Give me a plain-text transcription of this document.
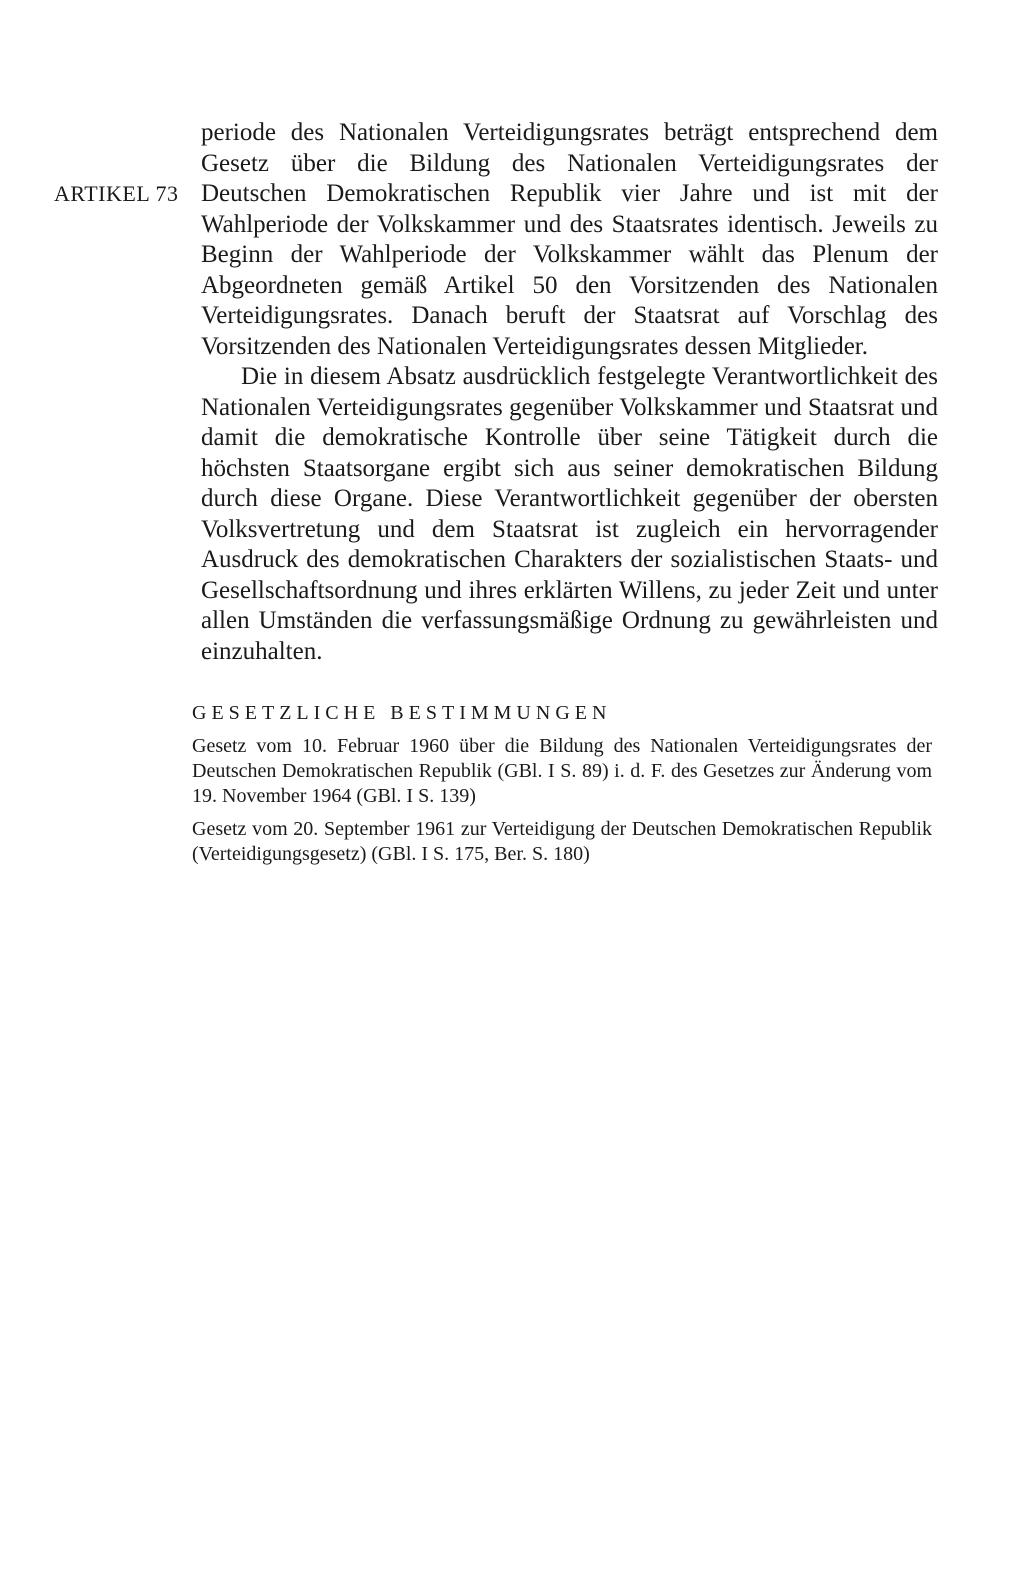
ARTIKEL 73

periode des Nationalen Verteidigungsrates beträgt entsprechend dem Gesetz über die Bildung des Nationalen Verteidigungsrates der Deutschen Demokratischen Republik vier Jahre und ist mit der Wahlperiode der Volkskammer und des Staatsrates identisch. Jeweils zu Beginn der Wahlperiode der Volkskammer wählt das Plenum der Abgeordneten gemäß Artikel 50 den Vorsitzenden des Nationalen Verteidigungsrates. Danach beruft der Staatsrat auf Vorschlag des Vorsitzenden des Nationalen Verteidigungsrates dessen Mitglieder.

Die in diesem Absatz ausdrücklich festgelegte Verantwortlichkeit des Nationalen Verteidigungsrates gegenüber Volkskammer und Staatsrat und damit die demokratische Kontrolle über seine Tätigkeit durch die höchsten Staatsorgane ergibt sich aus seiner demokratischen Bildung durch diese Organe. Diese Verantwortlichkeit gegenüber der obersten Volksvertretung und dem Staatsrat ist zugleich ein hervorragender Ausdruck des demokratischen Charakters der sozialistischen Staats- und Gesellschaftsordnung und ihres erklärten Willens, zu jeder Zeit und unter allen Umständen die verfassungsmäßige Ordnung zu gewährleisten und einzuhalten.

GESETZLICHE BESTIMMUNGEN

Gesetz vom 10. Februar 1960 über die Bildung des Nationalen Verteidigungsrates der Deutschen Demokratischen Republik (GBl. I S. 89) i. d. F. des Gesetzes zur Änderung vom 19. November 1964 (GBl. I S. 139)

Gesetz vom 20. September 1961 zur Verteidigung der Deutschen Demokratischen Republik (Verteidigungsgesetz) (GBl. I S. 175, Ber. S. 180)
